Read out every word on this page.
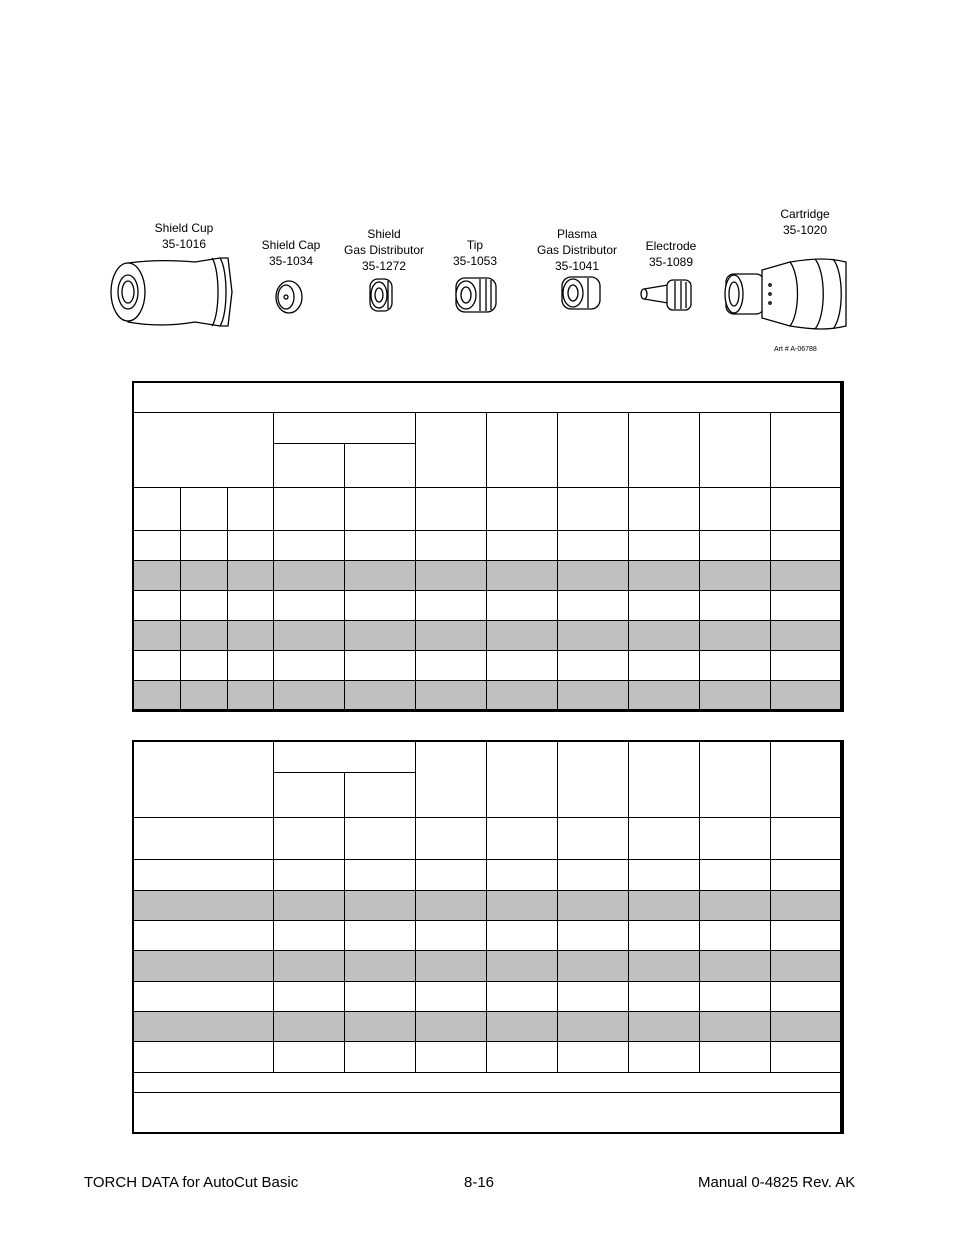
Shield Cup
35-1016	Shield Cap
35-1034
Shield
Gas Distributor
35-1272
Tip
35-1053
Plasma
Gas Distributor
35-1041
Electrode
35-1089
Cartridge
35-1020
Art # A-06788
TORCH DATA for AutoCut Basic	8-16	Manual 0-4825 Rev. AK
